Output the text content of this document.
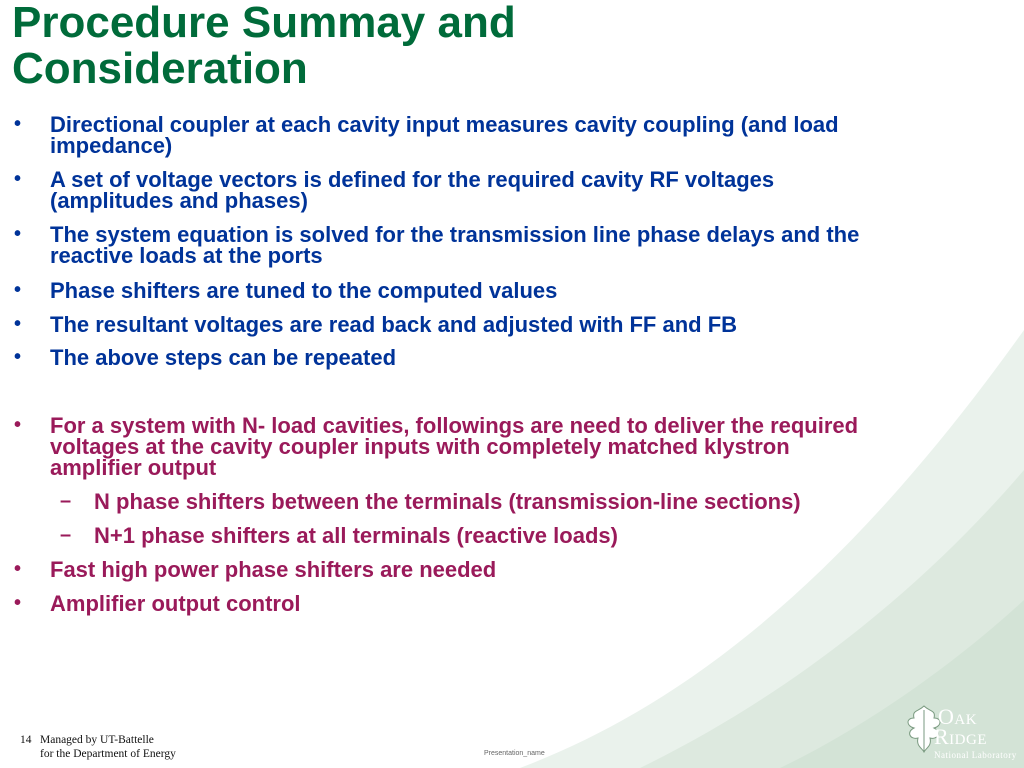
Procedure Summay and
Consideration
• Directional coupler at each cavity input measures cavity coupling (and load
impedance)
• A set of voltage vectors is defined for the required cavity RF voltages
(amplitudes and phases)
• The system equation is solved for the transmission line phase delays and the
reactive loads at the ports
• Phase shifters are tuned to the computed values
• The resultant voltages are read back and adjusted with FF and FB
• The above steps can be repeated
• For a system with N- load cavities, followings are need to deliver the required
voltages at the cavity coupler inputs with completely matched klystron
amplifier output
– N phase shifters between the terminals (transmission-line sections)
– N+1 phase shifters at all terminals (reactive loads)
• Fast high power phase shifters are needed
• Amplifier output control
14 Managed by UT-Battelle
for the Department of Energy	Presentation_name
Oak
Ridge
National Laboratory
